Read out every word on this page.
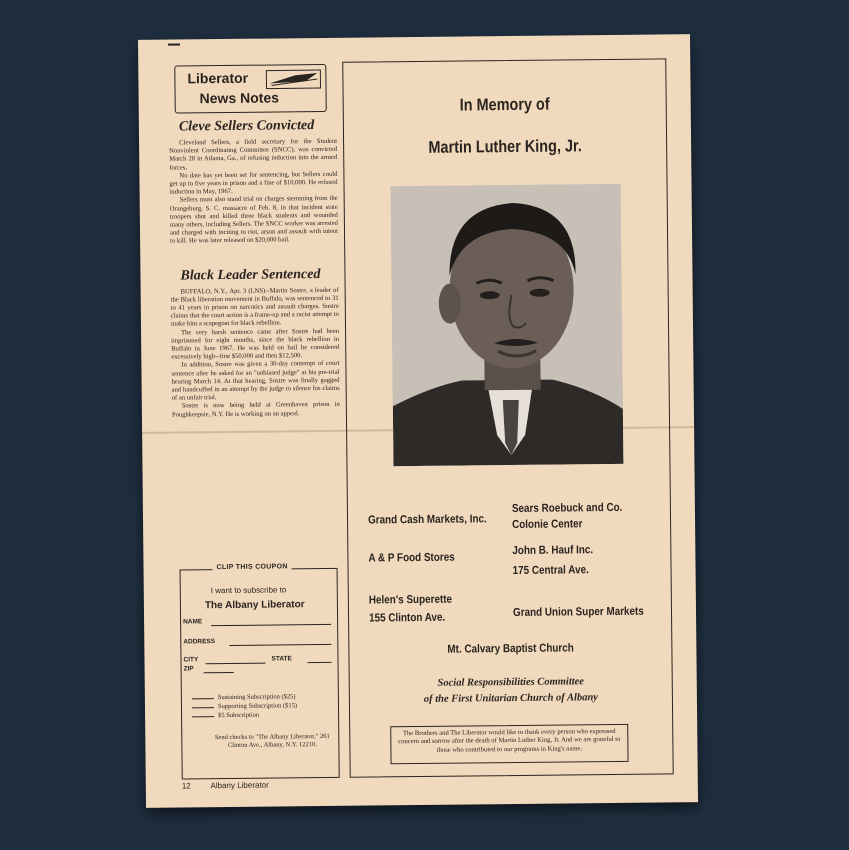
Liberator
News Notes
Cleve Sellers Convicted

Cleveland Sellers, a field secretary for the Student Nonviolent Coordinating Committee (SNCC), was convicted March 28 in Atlanta, Ga., of refusing induction into the armed forces.

No date has yet been set for sentencing, but Sellers could get up to five years in prison and a fine of $10,000. He refused induction in May, 1967.

Sellers must also stand trial on charges stemming from the Orangeburg, S. C. massacre of Feb. 8, in that incident state troopers shot and killed three black students and wounded many others, including Sellers. The SNCC worker was arrested and charged with inciting to riot, arson and assault with intent to kill. He was later released on $20,000 bail.

Black Leader Sentenced

BUFFALO, N.Y., Apr. 3 (LNS)--Martin Sostre, a leader of the Black liberation movement in Buffalo, was sentenced to 31 to 41 years in prison on narcotics and assault charges. Sostre claims that the court action is a frame-up and a racist attempt to make him a scapegoat for black rebellion.

The very harsh sentence came after Sostre had been imprisoned for eight months, since the black rebellion in Buffalo in June 1967. He was held on bail he considered excessively high--first $50,000 and then $12,500.

In addition, Sostre was given a 30-day contempt of court sentence after he asked for an "unbiased judge" at his pre-trial hearing March 14. At that hearing, Sostre was finally gagged and handcuffed in an attempt by the judge to silence his claims of an unfair trial.

Sostre is now being held at Greenhaven prison in Poughkeepsie, N.Y. He is working on an appeal.

CLIP THIS COUPON
I want to subscribe to
The Albany Liberator
NAME
ADDRESS
CITY	STATE
ZIP
Sustaining Subscription ($25)
Supporting Subscription ($15)
$5 Subscription
Send checks to "The Albany Liberator," 261 Clinton Ave., Albany, N.Y. 12210.
12 Albany Liberator
In Memory of
Martin Luther King, Jr.
Grand Cash Markets, Inc.
Sears Roebuck and Co.
Colonie Center
A & P Food Stores
John B. Hauf Inc.
175 Central Ave.
Helen's Superette
155 Clinton Ave.	Grand Union Super Markets
Mt. Calvary Baptist Church
Social Responsibilities Committee
of the First Unitarian Church of Albany
The Brothers and The Liberator would like to thank every person who expressed concern and sorrow after the death of Martin Luther King, Jr. And we are grateful to those who contributed to our programs in King's name.
